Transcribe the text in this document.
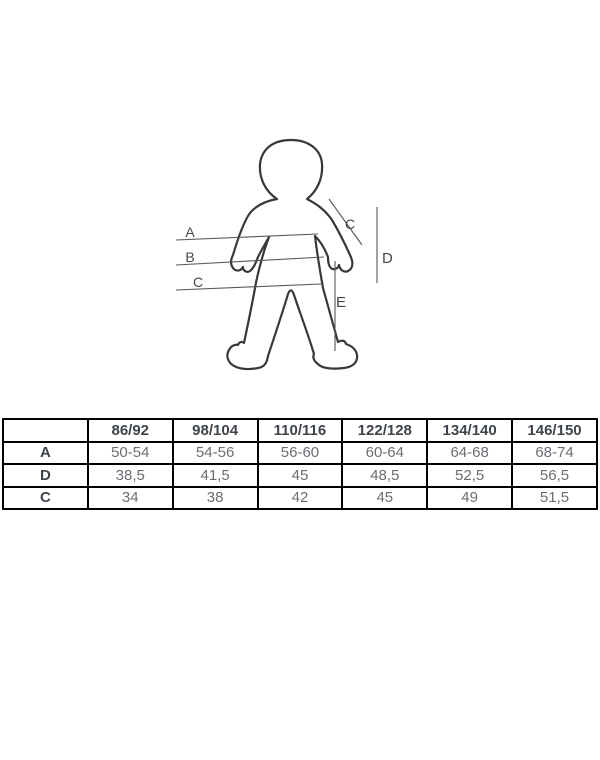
A
B
C
C
D
E
	86/92	98/104	110/116	122/128	134/140	146/150
A	50-54	54-56	56-60	60-64	64-68	68-74
D	38,5	41,5	45	48,5	52,5	56,5
C	34	38	42	45	49	51,5
